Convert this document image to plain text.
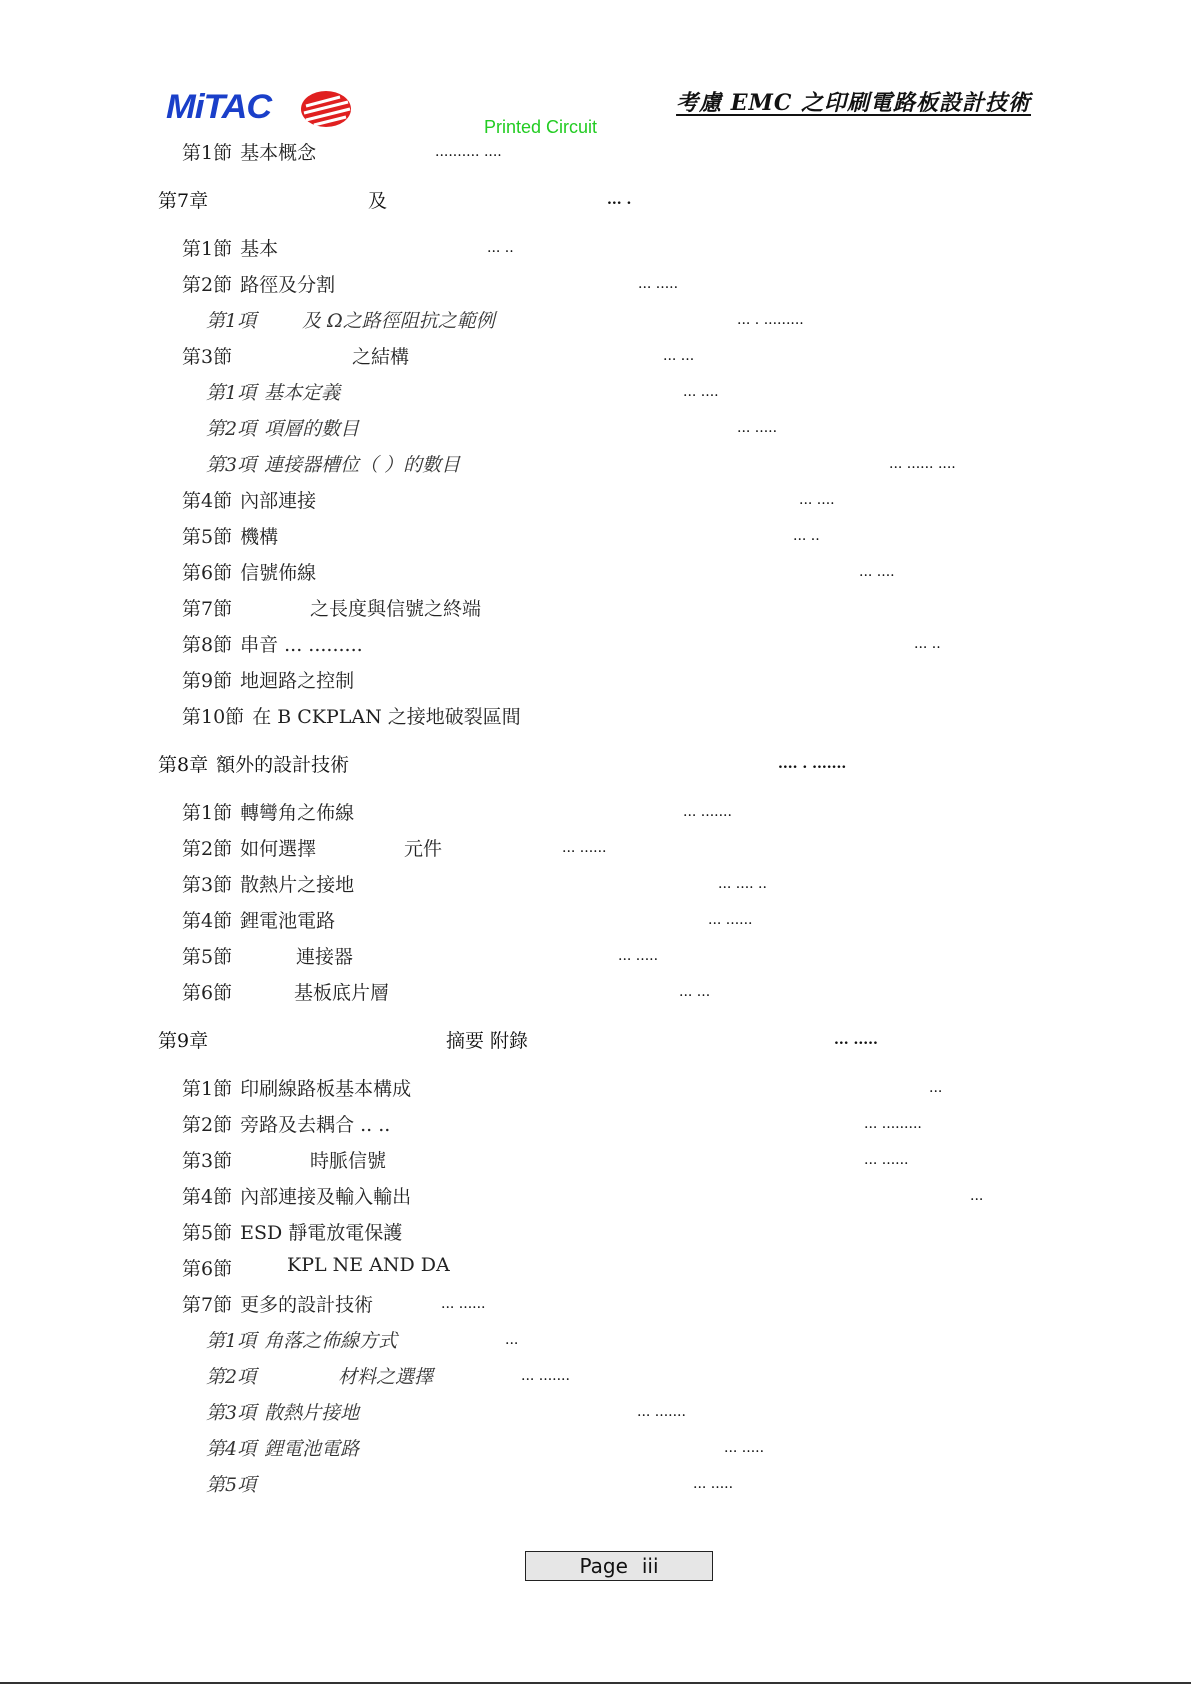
MiTAC
Printed Circuit
考慮 EMC 之印刷電路板設計技術
第1節 基本概念	.......... ....
第7章	及	... .
第1節 基本	... ..
第2節 路徑及分割	... .....
第1項	及 Ω之路徑阻抗之範例	... . .........
第3節	之結構	... ...
第1項 基本定義	... ....
第2項 項層的數目	... .....
第3項 連接器槽位（ ）的數目	... ...... ....
第4節 內部連接	... ....
第5節 機構	... ..
第6節 信號佈線	... ....
第7節	之長度與信號之終端
第8節 串音 ... .........	... ..
第9節 地迴路之控制
第10節 在 B CKPLAN 之接地破裂區間
第8章 額外的設計技術	.... . .......
第1節 轉彎角之佈線	... .......
第2節 如何選擇	元件	... ......
第3節 散熱片之接地	... .... ..
第4節 鋰電池電路	... ......
第5節	連接器	... .....
第6節	基板底片層	... ...
第9章	摘要 附錄	... .....
第1節 印刷線路板基本構成	...
第2節 旁路及去耦合 .. ..	... .........
第3節	時脈信號	... ......
第4節 內部連接及輸入輸出	...
第5節 ESD 靜電放電保護
第6節	KPL NE AND DA
第7節 更多的設計技術	... ......
第1項 角落之佈線方式	...
第2項	材料之選擇	... .......
第3項 散熱片接地	... .......
第4項 鋰電池電路	... .....
第5項	... .....
Page iii
